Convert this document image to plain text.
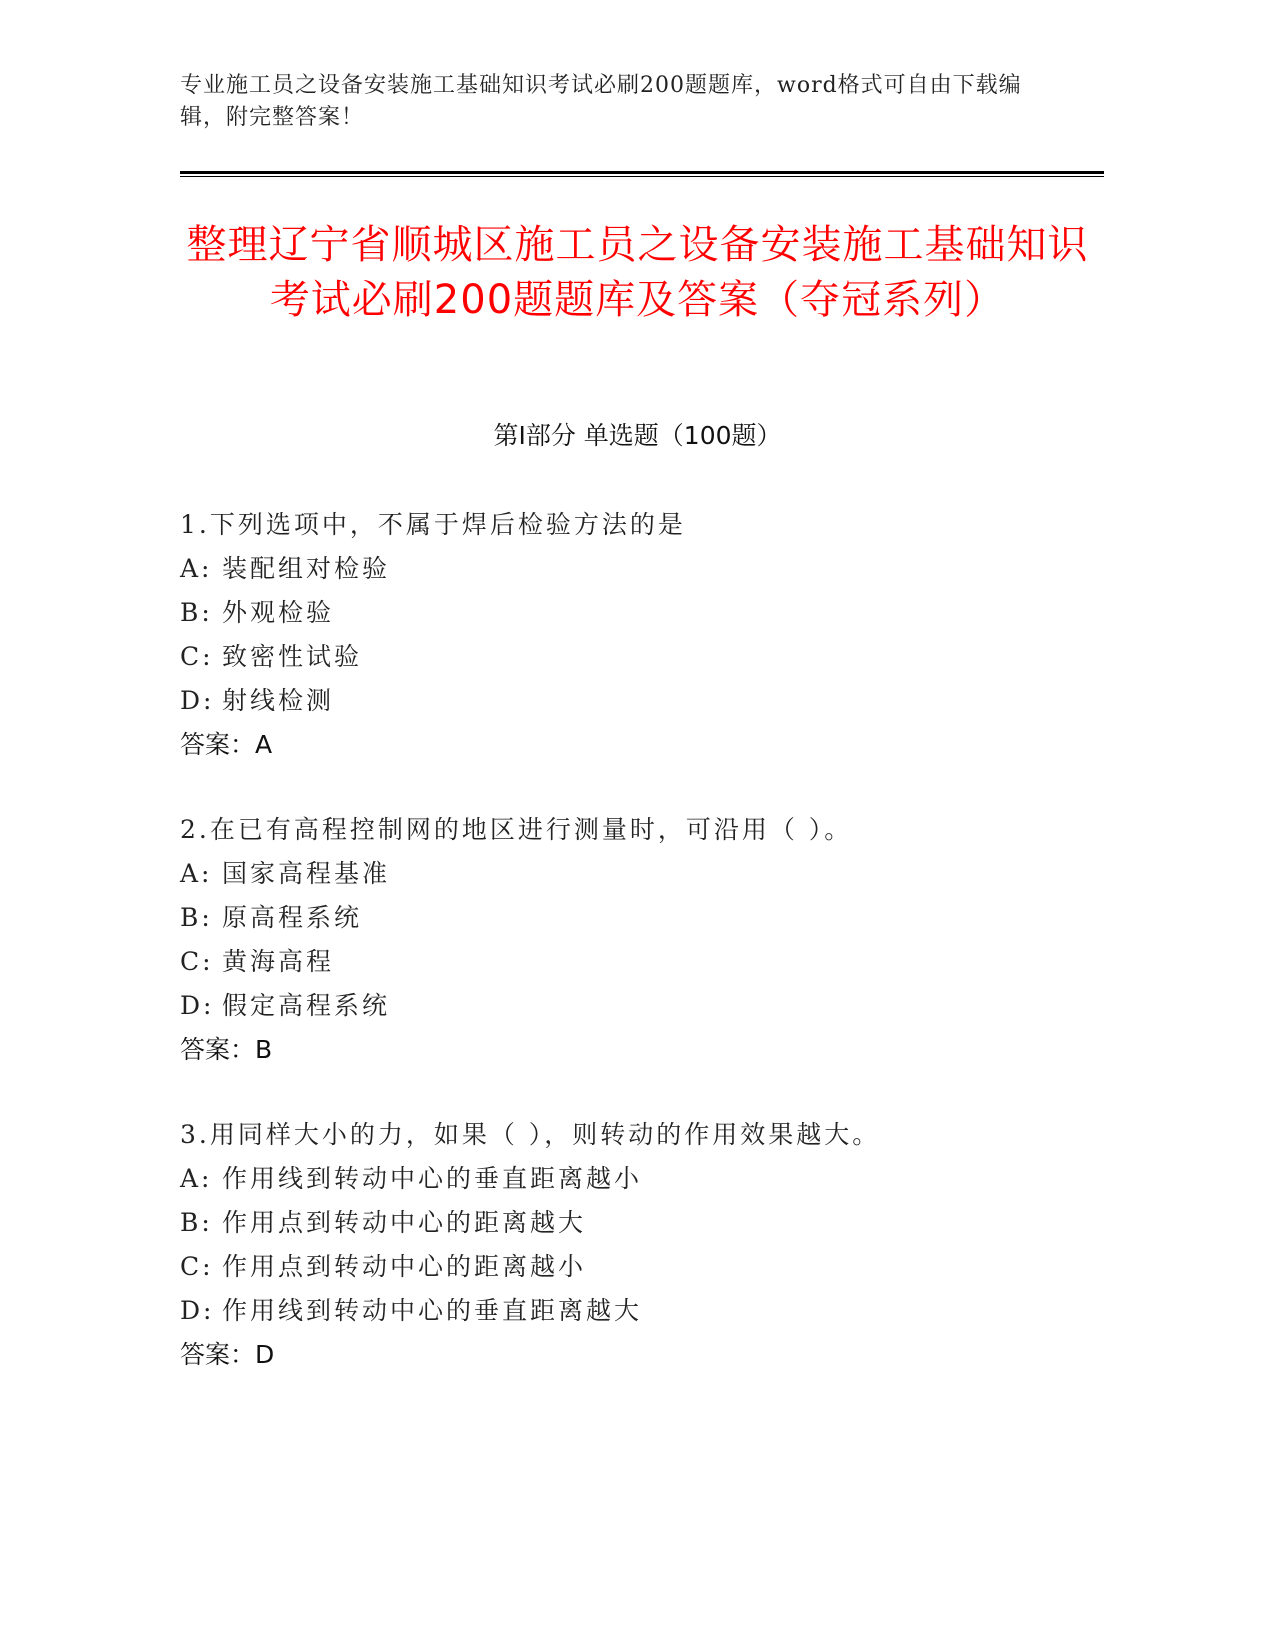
专业施工员之设备安装施工基础知识考试必刷200题题库，word格式可自由下载编辑，附完整答案！
整理辽宁省顺城区施工员之设备安装施工基础知识考试必刷200题题库及答案（夺冠系列）
第Ⅰ部分 单选题（100题）
1.下列选项中，不属于焊后检验方法的是
A: 装配组对检验
B: 外观检验
C: 致密性试验
D: 射线检测
答案：A
2.在已有高程控制网的地区进行测量时，可沿用（ ）。
A: 国家高程基准
B: 原高程系统
C: 黄海高程
D: 假定高程系统
答案：B
3.用同样大小的力，如果（ ），则转动的作用效果越大。
A: 作用线到转动中心的垂直距离越小
B: 作用点到转动中心的距离越大
C: 作用点到转动中心的距离越小
D: 作用线到转动中心的垂直距离越大
答案：D
